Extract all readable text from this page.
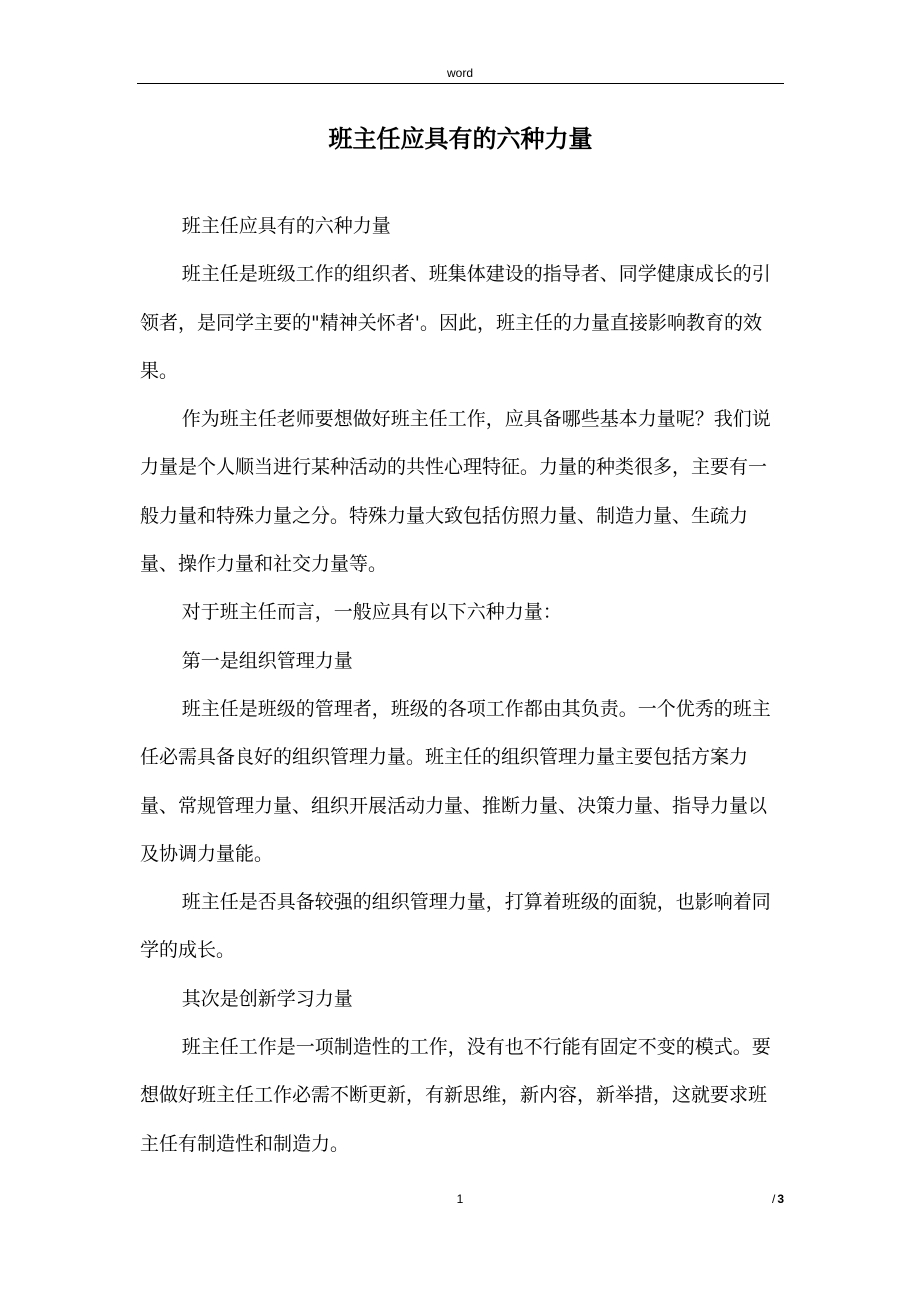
word
班主任应具有的六种力量

班主任应具有的六种力量

班主任是班级工作的组织者、班集体建设的指导者、同学健康成长的引领者，是同学主要的"精神关怀者'。因此，班主任的力量直接影响教育的效果。

作为班主任老师要想做好班主任工作，应具备哪些基本力量呢？我们说力量是个人顺当进行某种活动的共性心理特征。力量的种类很多，主要有一般力量和特殊力量之分。特殊力量大致包括仿照力量、制造力量、生疏力量、操作力量和社交力量等。

对于班主任而言，一般应具有以下六种力量：

第一是组织管理力量

班主任是班级的管理者，班级的各项工作都由其负责。一个优秀的班主任必需具备良好的组织管理力量。班主任的组织管理力量主要包括方案力量、常规管理力量、组织开展活动力量、推断力量、决策力量、指导力量以及协调力量能。

班主任是否具备较强的组织管理力量，打算着班级的面貌，也影响着同学的成长。

其次是创新学习力量

班主任工作是一项制造性的工作，没有也不行能有固定不变的模式。要想做好班主任工作必需不断更新，有新思维，新内容，新举措，这就要求班主任有制造性和制造力。

1	/ 3
